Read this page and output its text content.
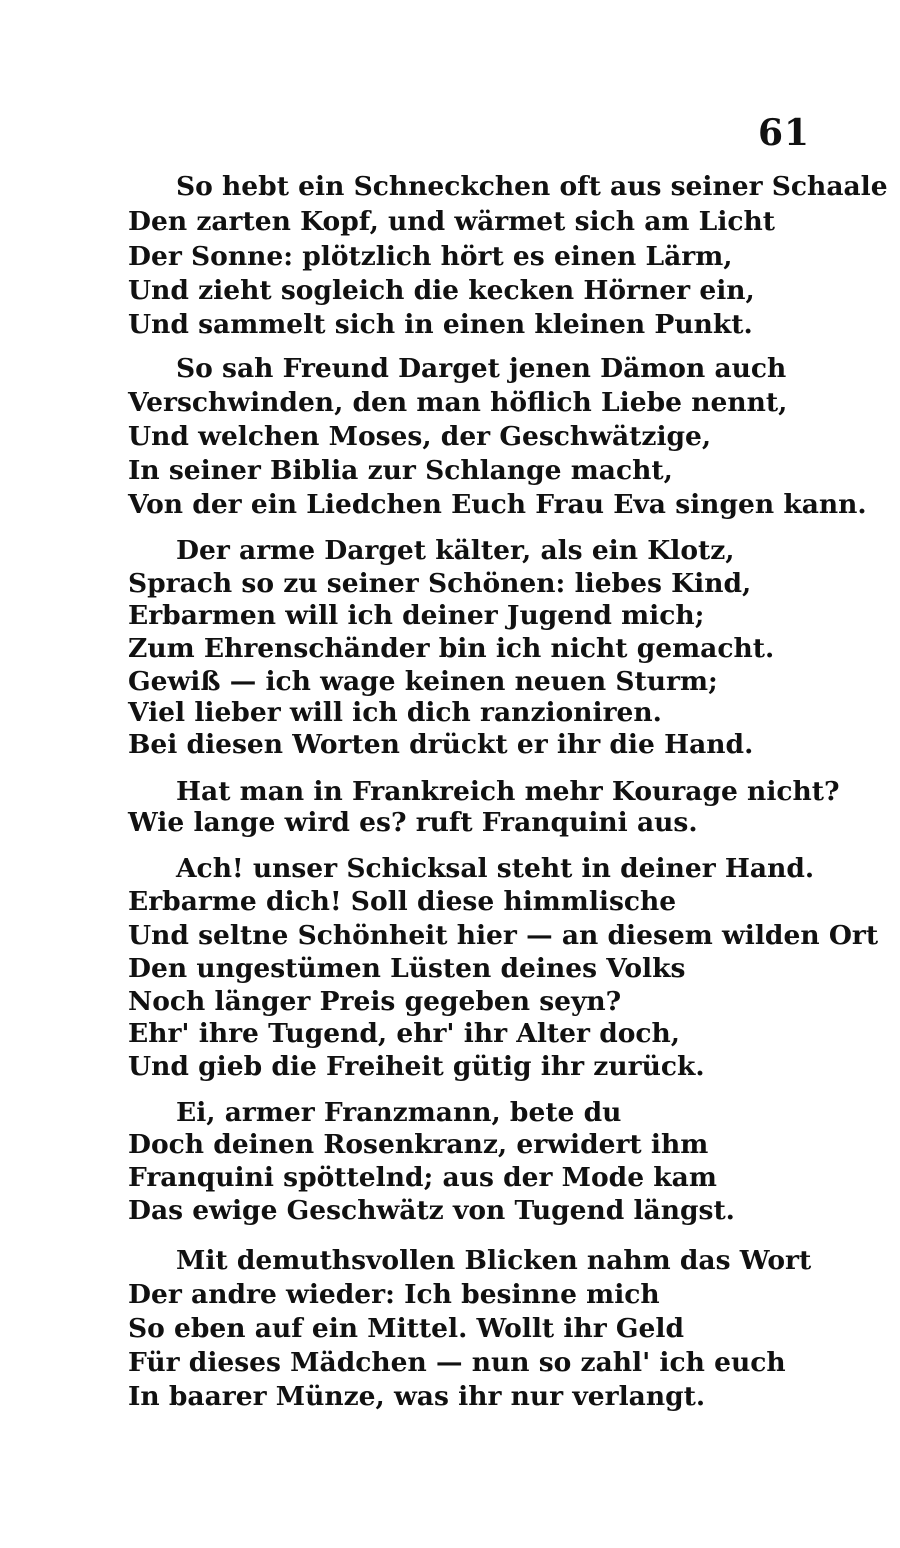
61
So hebt ein Schneckchen oft aus seiner Schaale
Den zarten Kopf, und wärmet sich am Licht
Der Sonne: plötzlich hört es einen Lärm,
Und zieht sogleich die kecken Hörner ein,
Und sammelt sich in einen kleinen Punkt.
So sah Freund Darget jenen Dämon auch
Verschwinden, den man höflich Liebe nennt,
Und welchen Moses, der Geschwätzige,
In seiner Biblia zur Schlange macht,
Von der ein Liedchen Euch Frau Eva singen kann.
Der arme Darget kälter, als ein Klotz,
Sprach so zu seiner Schönen: liebes Kind,
Erbarmen will ich deiner Jugend mich;
Zum Ehrenschänder bin ich nicht gemacht.
Gewiß — ich wage keinen neuen Sturm;
Viel lieber will ich dich ranzioniren.
Bei diesen Worten drückt er ihr die Hand.
Hat man in Frankreich mehr Kourage nicht?
Wie lange wird es? ruft Franquini aus.
Ach! unser Schicksal steht in deiner Hand.
Erbarme dich! Soll diese himmlische
Und seltne Schönheit hier — an diesem wilden Ort
Den ungestümen Lüsten deines Volks
Noch länger Preis gegeben seyn?
Ehr' ihre Tugend, ehr' ihr Alter doch,
Und gieb die Freiheit gütig ihr zurück.
Ei, armer Franzmann, bete du
Doch deinen Rosenkranz, erwidert ihm
Franquini spöttelnd; aus der Mode kam
Das ewige Geschwätz von Tugend längst.
Mit demuthsvollen Blicken nahm das Wort
Der andre wieder: Ich besinne mich
So eben auf ein Mittel. Wollt ihr Geld
Für dieses Mädchen — nun so zahl' ich euch
In baarer Münze, was ihr nur verlangt.
